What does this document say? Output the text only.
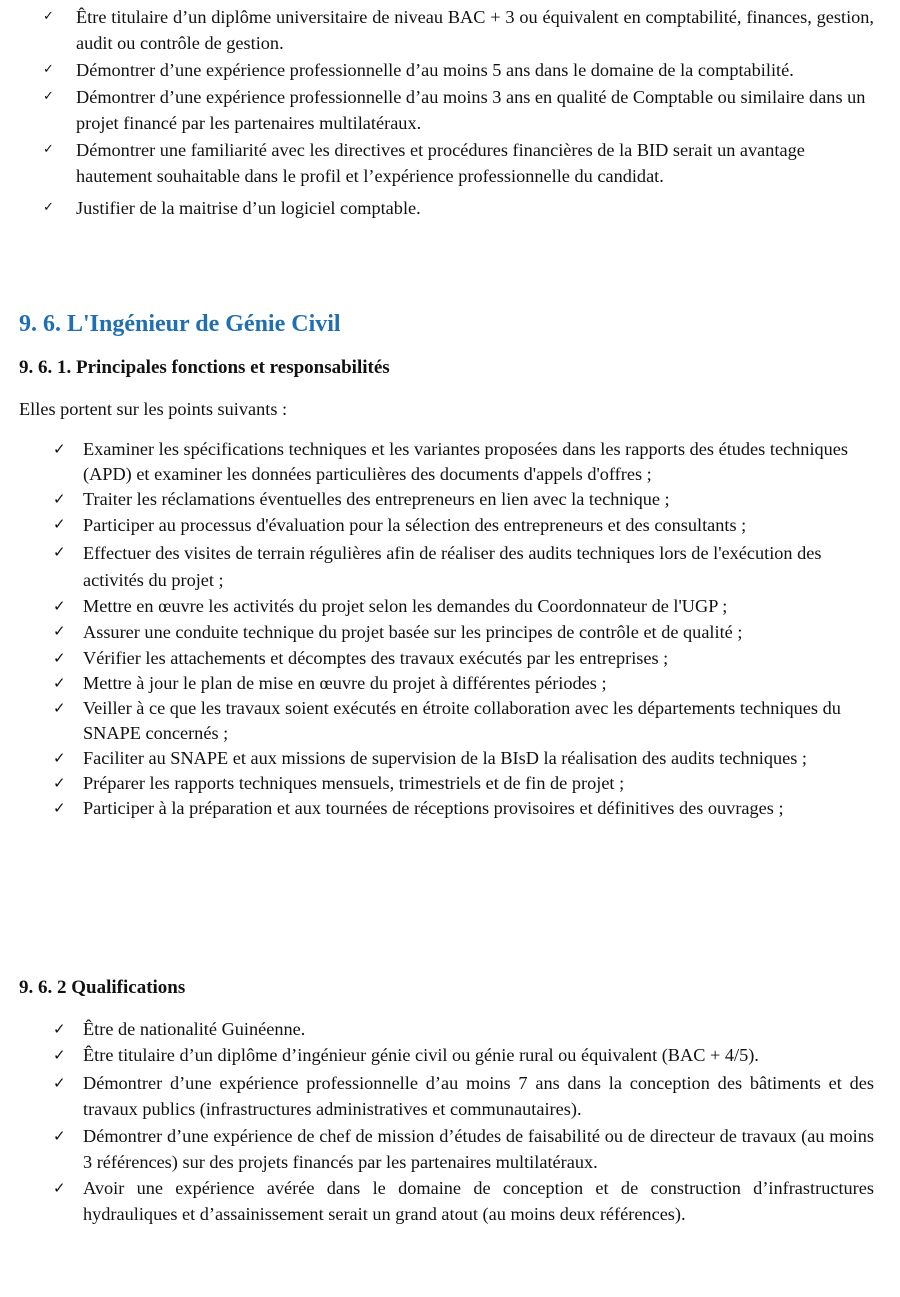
✓ Être titulaire d’un diplôme universitaire de niveau BAC + 3 ou équivalent en comptabilité, finances, gestion, audit ou contrôle de gestion.
✓ Démontrer d’une expérience professionnelle d’au moins 5 ans dans le domaine de la comptabilité.
✓ Démontrer d’une expérience professionnelle d’au moins 3 ans en qualité de Comptable ou similaire dans un projet financé par les partenaires multilatéraux.
✓ Démontrer une familiarité avec les directives et procédures financières de la BID serait un avantage hautement souhaitable dans le profil et l’expérience professionnelle du candidat.
✓ Justifier de la maitrise d’un logiciel comptable.
9. 6. L'Ingénieur de Génie Civil
9. 6. 1. Principales fonctions et responsabilités
Elles portent sur les points suivants :
✓ Examiner les spécifications techniques et les variantes proposées dans les rapports des études techniques (APD) et examiner les données particulières des documents d'appels d'offres ;
✓ Traiter les réclamations éventuelles des entrepreneurs en lien avec la technique ;
✓ Participer au processus d'évaluation pour la sélection des entrepreneurs et des consultants ;
✓ Effectuer des visites de terrain régulières afin de réaliser des audits techniques lors de l'exécution des activités du projet ;
✓ Mettre en œuvre les activités du projet selon les demandes du Coordonnateur de l'UGP ;
✓ Assurer une conduite technique du projet basée sur les principes de contrôle et de qualité ;
✓ Vérifier les attachements et décomptes des travaux exécutés par les entreprises ;
✓ Mettre à jour le plan de mise en œuvre du projet à différentes périodes ;
✓ Veiller à ce que les travaux soient exécutés en étroite collaboration avec les départements techniques du SNAPE concernés ;
✓ Faciliter au SNAPE et aux missions de supervision de la BIsD la réalisation des audits techniques ;
✓ Préparer les rapports techniques mensuels, trimestriels et de fin de projet ;
✓ Participer à la préparation et aux tournées de réceptions provisoires et définitives des ouvrages ;
9. 6. 2 Qualifications
✓ Être de nationalité Guinéenne.
✓ Être titulaire d’un diplôme d’ingénieur génie civil ou génie rural ou équivalent (BAC + 4/5).
✓ Démontrer d’une expérience professionnelle d’au moins 7 ans dans la conception des bâtiments et des travaux publics (infrastructures administratives et communautaires).
✓ Démontrer d’une expérience de chef de mission d’études de faisabilité ou de directeur de travaux (au moins 3 références) sur des projets financés par les partenaires multilatéraux.
✓ Avoir une expérience avérée dans le domaine de conception et de construction d’infrastructures hydrauliques et d’assainissement serait un grand atout (au moins deux références).
